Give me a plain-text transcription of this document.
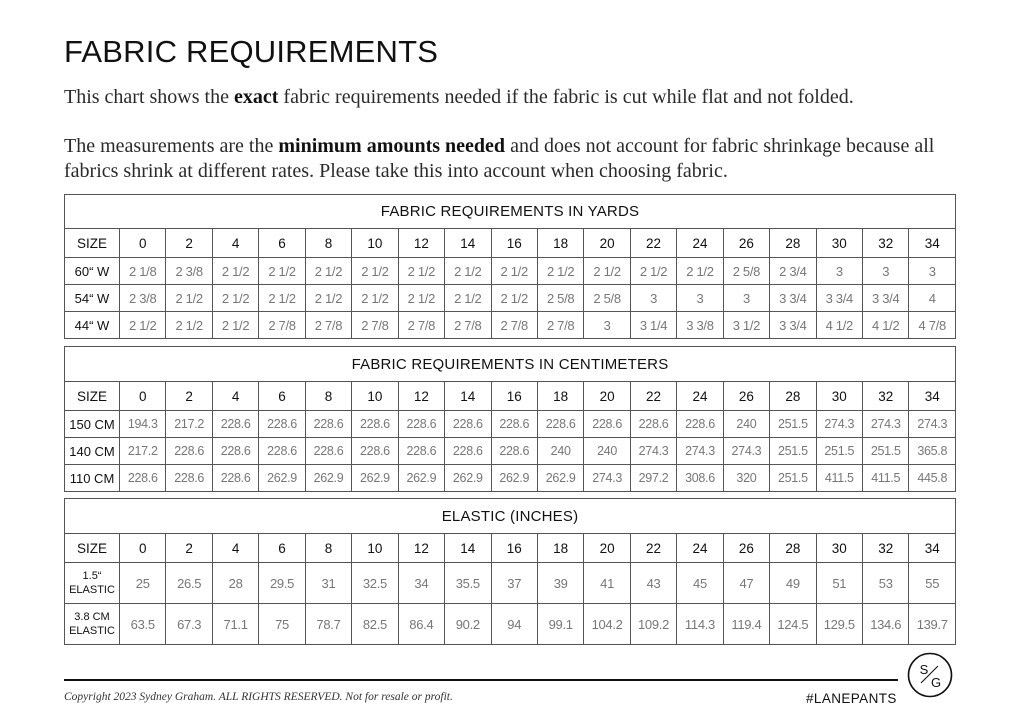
FABRIC REQUIREMENTS
This chart shows the exact fabric requirements needed if the fabric is cut while flat and not folded.
The measurements are the minimum amounts needed and does not account for fabric shrinkage because all fabrics shrink at different rates. Please take this into account when choosing fabric.
FABRIC REQUIREMENTS IN YARDS																		
SIZE	0	2	4	6	8	10	12	14	16	18	20	22	24	26	28	30	32	34
60“ W	2 1/8	2 3/8	2 1/2	2 1/2	2 1/2	2 1/2	2 1/2	2 1/2	2 1/2	2 1/2	2 1/2	2 1/2	2 1/2	2 5/8	2 3/4	3	3	3
54“ W	2 3/8	2 1/2	2 1/2	2 1/2	2 1/2	2 1/2	2 1/2	2 1/2	2 1/2	2 5/8	2 5/8	3	3	3	3 3/4	3 3/4	3 3/4	4
44“ W	2 1/2	2 1/2	2 1/2	2 7/8	2 7/8	2 7/8	2 7/8	2 7/8	2 7/8	2 7/8	3	3 1/4	3 3/8	3 1/2	3 3/4	4 1/2	4 1/2	4 7/8
FABRIC REQUIREMENTS IN CENTIMETERS																		
SIZE	0	2	4	6	8	10	12	14	16	18	20	22	24	26	28	30	32	34
150 CM	194.3	217.2	228.6	228.6	228.6	228.6	228.6	228.6	228.6	228.6	228.6	228.6	228.6	240	251.5	274.3	274.3	274.3
140 CM	217.2	228.6	228.6	228.6	228.6	228.6	228.6	228.6	228.6	240	240	274.3	274.3	274.3	251.5	251.5	251.5	365.8
110 CM	228.6	228.6	228.6	262.9	262.9	262.9	262.9	262.9	262.9	262.9	274.3	297.2	308.6	320	251.5	411.5	411.5	445.8
ELASTIC (INCHES)																		
SIZE	0	2	4	6	8	10	12	14	16	18	20	22	24	26	28	30	32	34

1.5“
ELASTIC	25	26.5	28	29.5	31	32.5	34	35.5	37	39	41	43	45	47	49	51	53	55

3.8 CM
ELASTIC	63.5	67.3	71.1	75	78.7	82.5	86.4	90.2	94	99.1	104.2	109.2	114.3	119.4	124.5	129.5	134.6	139.7
Copyright 2023 Sydney Graham. ALL RIGHTS RESERVED. Not for resale or profit.	#LANEPANTS
S
G
